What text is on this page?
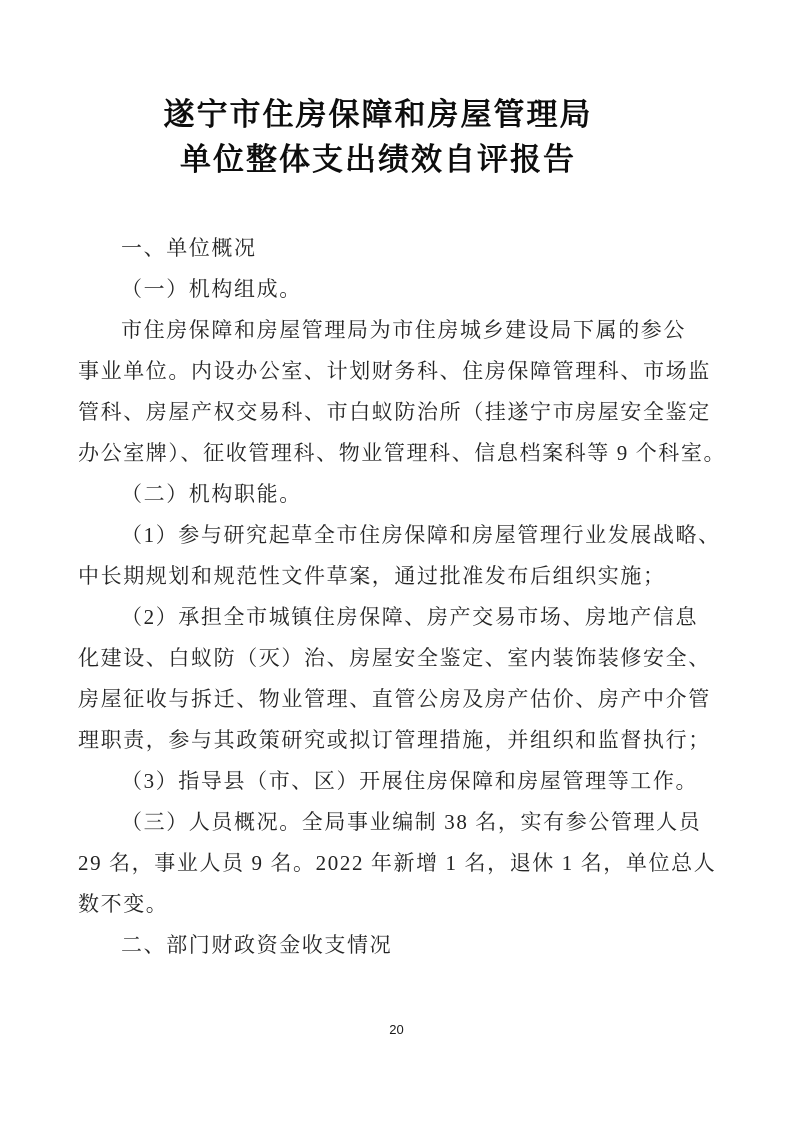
遂宁市住房保障和房屋管理局
单位整体支出绩效自评报告
一、单位概况
（一）机构组成。
市住房保障和房屋管理局为市住房城乡建设局下属的参公
事业单位。内设办公室、计划财务科、住房保障管理科、市场监
管科、房屋产权交易科、市白蚁防治所（挂遂宁市房屋安全鉴定
办公室牌）、征收管理科、物业管理科、信息档案科等 9 个科室。
（二）机构职能。
（1）参与研究起草全市住房保障和房屋管理行业发展战略、
中长期规划和规范性文件草案，通过批准发布后组织实施；
（2）承担全市城镇住房保障、房产交易市场、房地产信息
化建设、白蚁防（灭）治、房屋安全鉴定、室内装饰装修安全、
房屋征收与拆迁、物业管理、直管公房及房产估价、房产中介管
理职责，参与其政策研究或拟订管理措施，并组织和监督执行；
（3）指导县（市、区）开展住房保障和房屋管理等工作。
（三）人员概况。全局事业编制 38 名，实有参公管理人员
29 名，事业人员 9 名。2022 年新增 1 名，退休 1 名，单位总人
数不变。
二、部门财政资金收支情况
20
